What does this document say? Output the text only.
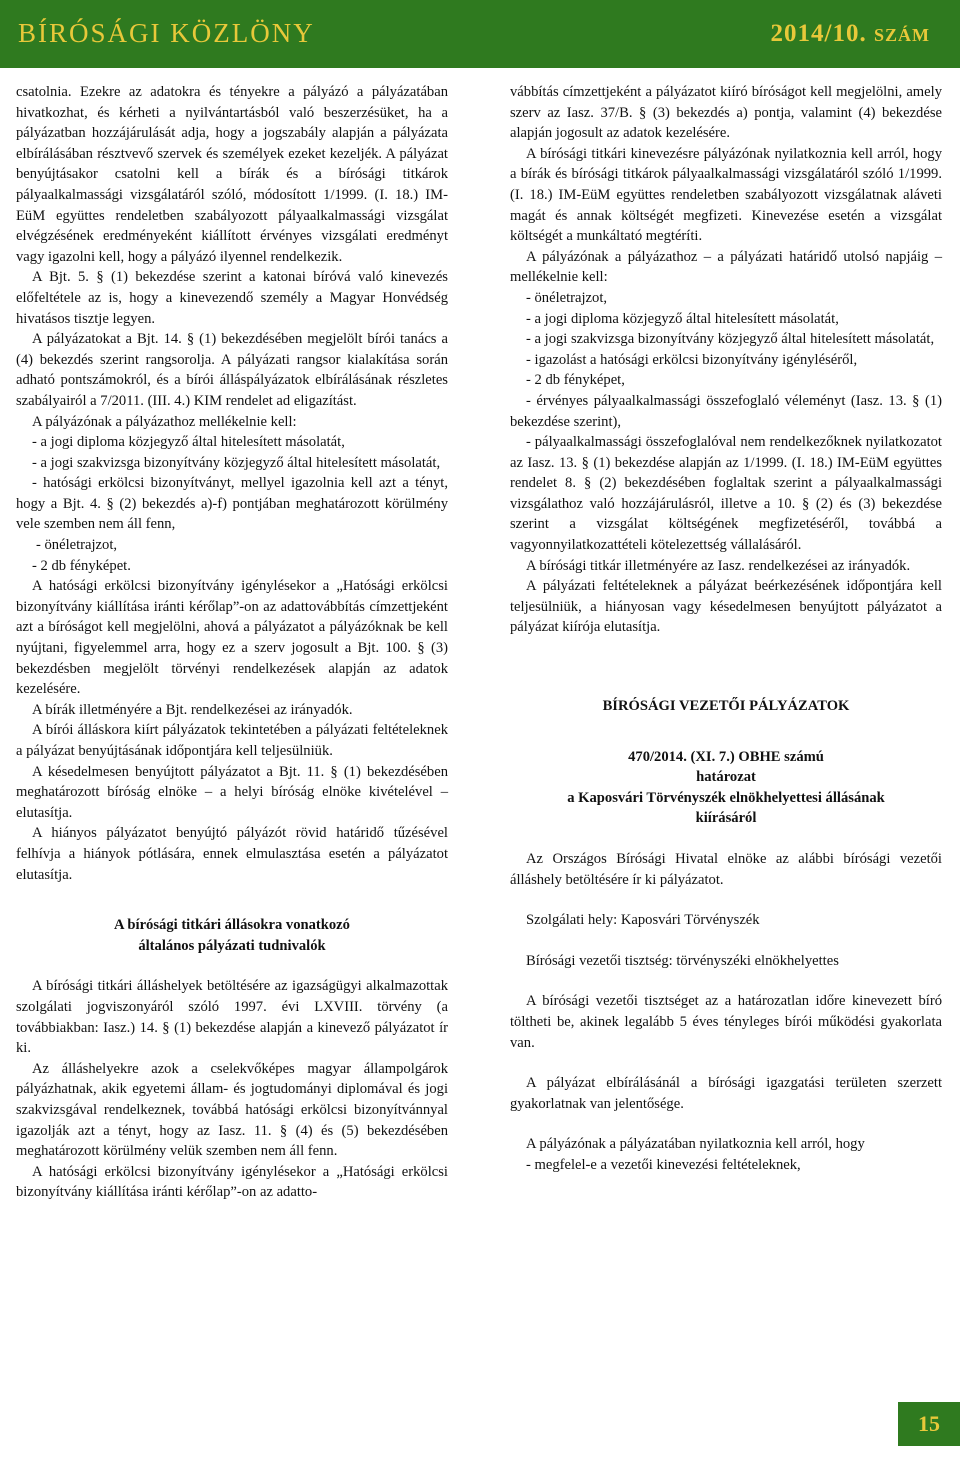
BÍRÓSÁGI KÖZLÖNY	2014/10. SZÁM

csatolnia. Ezekre az adatokra és tényekre a pályázó a pályázatában hivatkozhat, és kérheti a nyilvántartásból való beszerzésüket, ha a pályázatban hozzájárulását adja, hogy a jogszabály alapján a pályázata elbírálásában résztvevő szervek és személyek ezeket kezeljék. A pályázat benyújtásakor csatolni kell a bírák és a bírósági titkárok pályaalkalmassági vizsgálatáról szóló, módosított 1/1999. (I. 18.) IM-EüM együttes rendeletben szabályozott pályaalkalmassági vizsgálat elvégzésének eredményeként kiállított érvényes vizsgálati eredményt vagy igazolni kell, hogy a pályázó ilyennel rendelkezik.

A Bjt. 5. § (1) bekezdése szerint a katonai bíróvá való kinevezés előfeltétele az is, hogy a kinevezendő személy a Magyar Honvédség hivatásos tisztje legyen.

A pályázatokat a Bjt. 14. § (1) bekezdésében megjelölt bírói tanács a (4) bekezdés szerint rangsorolja. A pályázati rangsor kialakítása során adható pontszámokról, és a bírói álláspályázatok elbírálásának részletes szabályairól a 7/2011. (III. 4.) KIM rendelet ad eligazítást.

A pályázónak a pályázathoz mellékelnie kell:

- a jogi diploma közjegyző által hitelesített másolatát,

- a jogi szakvizsga bizonyítvány közjegyző által hitelesített másolatát,

- hatósági erkölcsi bizonyítványt, mellyel igazolnia kell azt a tényt, hogy a Bjt. 4. § (2) bekezdés a)-f) pontjában meghatározott körülmény vele szemben nem áll fenn,

- önéletrajzot,

- 2 db fényképet.

A hatósági erkölcsi bizonyítvány igénylésekor a „Hatósági erkölcsi bizonyítvány kiállítása iránti kérőlap”-on az adattovábbítás címzettjeként azt a bíróságot kell megjelölni, ahová a pályázatot a pályázóknak be kell nyújtani, figyelemmel arra, hogy ez a szerv jogosult a Bjt. 100. § (3) bekezdésben megjelölt törvényi rendelkezések alapján az adatok kezelésére.

A bírák illetményére a Bjt. rendelkezései az irányadók.

A bírói álláskora kiírt pályázatok tekintetében a pályázati feltételeknek a pályázat benyújtásának időpontjára kell teljesülniük.

A késedelmesen benyújtott pályázatot a Bjt. 11. § (1) bekezdésében meghatározott bíróság elnöke – a helyi bíróság elnöke kivételével – elutasítja.

A hiányos pályázatot benyújtó pályázót rövid határidő tűzésével felhívja a hiányok pótlására, ennek elmulasztása esetén a pályázatot elutasítja.

A bírósági titkári állásokra vonatkozó

általános pályázati tudnivalók

A bírósági titkári álláshelyek betöltésére az igazságügyi alkalmazottak szolgálati jogviszonyáról szóló 1997. évi LXVIII. törvény (a továbbiakban: Iasz.) 14. § (1) bekezdése alapján a kinevező pályázatot ír ki.

Az álláshelyekre azok a cselekvőképes magyar állampolgárok pályázhatnak, akik egyetemi állam- és jogtudományi diplomával és jogi szakvizsgával rendelkeznek, továbbá hatósági erkölcsi bizonyítvánnyal igazolják azt a tényt, hogy az Iasz. 11. § (4) és (5) bekezdésében meghatározott körülmény velük szemben nem áll fenn.

A hatósági erkölcsi bizonyítvány igénylésekor a „Hatósági erkölcsi bizonyítvány kiállítása iránti kérőlap”-on az adatto-

vábbítás címzettjeként a pályázatot kiíró bíróságot kell megjelölni, amely szerv az Iasz. 37/B. § (3) bekezdés a) pontja, valamint (4) bekezdése alapján jogosult az adatok kezelésére.

A bírósági titkári kinevezésre pályázónak nyilatkoznia kell arról, hogy a bírák és bírósági titkárok pályaalkalmassági vizsgálatáról szóló 1/1999. (I. 18.) IM-EüM együttes rendeletben szabályozott vizsgálatnak aláveti magát és annak költségét megfizeti. Kinevezése esetén a vizsgálat költségét a munkáltató megtéríti.

A pályázónak a pályázathoz – a pályázati határidő utolsó napjáig – mellékelnie kell:

- önéletrajzot,

- a jogi diploma közjegyző által hitelesített másolatát,

- a jogi szakvizsga bizonyítvány közjegyző által hitelesített másolatát,

- igazolást a hatósági erkölcsi bizonyítvány igényléséről,

- 2 db fényképet,

- érvényes pályaalkalmassági összefoglaló véleményt (Iasz. 13. § (1) bekezdése szerint),

- pályaalkalmassági összefoglalóval nem rendelkezőknek nyilatkozatot az Iasz. 13. § (1) bekezdése alapján az 1/1999. (I. 18.) IM-EüM együttes rendelet 8. § (2) bekezdésében foglaltak szerint a pályaalkalmassági vizsgálathoz való hozzájárulásról, illetve a 10. § (2) és (3) bekezdése szerint a vizsgálat költségének megfizetéséről, továbbá a vagyonnyilatkozattételi kötelezettség vállalásáról.

A bírósági titkár illetményére az Iasz. rendelkezései az irányadók.

A pályázati feltételeknek a pályázat beérkezésének időpontjára kell teljesülniük, a hiányosan vagy késedelmesen benyújtott pályázatot a pályázat kiírója elutasítja.

BÍRÓSÁGI VEZETŐI PÁLYÁZATOK

470/2014. (XI. 7.) OBHE számú

határozat

a Kaposvári Törvényszék elnökhelyettesi állásának

kiírásáról

Az Országos Bírósági Hivatal elnöke az alábbi bírósági vezetői álláshely betöltésére ír ki pályázatot.

Szolgálati hely: Kaposvári Törvényszék

Bírósági vezetői tisztség: törvényszéki elnökhelyettes

A bírósági vezetői tisztséget az a határozatlan időre kinevezett bíró töltheti be, akinek legalább 5 éves tényleges bírói működési gyakorlata van.

A pályázat elbírálásánál a bírósági igazgatási területen szerzett gyakorlatnak van jelentősége.

A pályázónak a pályázatában nyilatkoznia kell arról, hogy

- megfelel-e a vezetői kinevezési feltételeknek,

15
